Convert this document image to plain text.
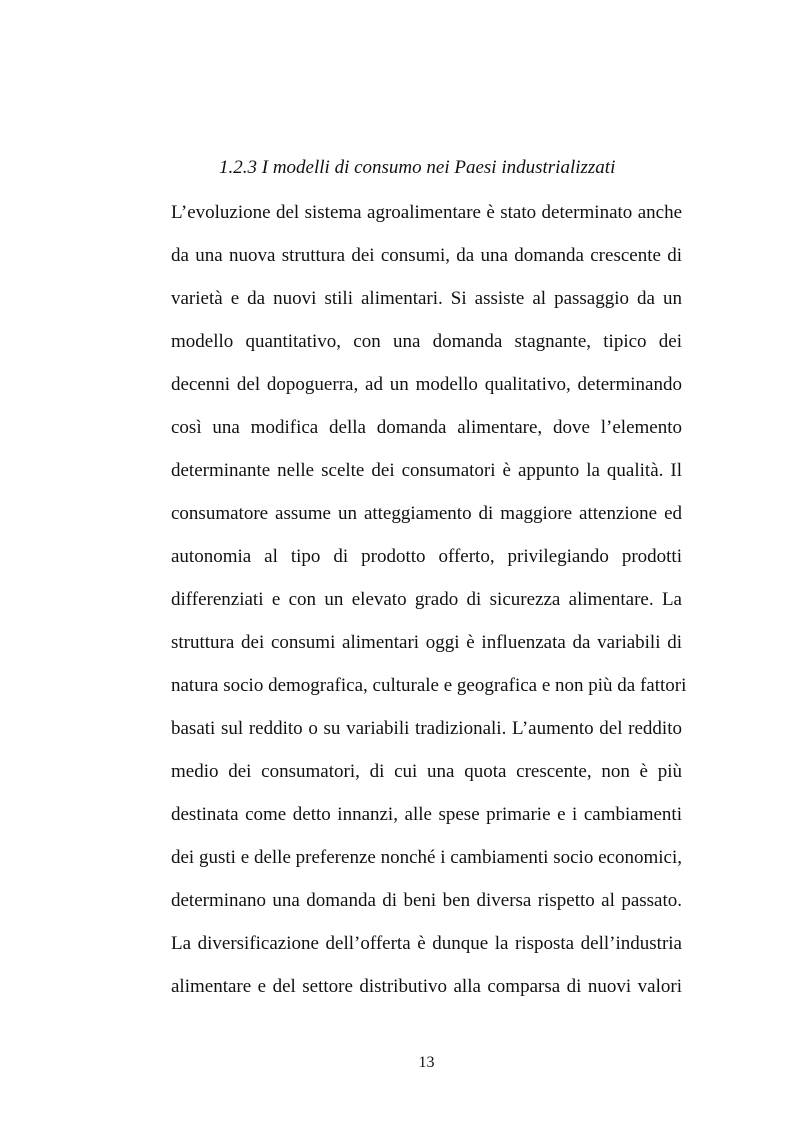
1.2.3 I modelli di consumo nei Paesi industrializzati
L’evoluzione del sistema agroalimentare è stato determinato anche
da una nuova struttura dei consumi, da una domanda crescente di
varietà e da nuovi stili alimentari. Si assiste al passaggio da un
modello quantitativo, con una domanda stagnante, tipico dei
decenni del dopoguerra, ad un modello qualitativo, determinando
così una modifica della domanda alimentare, dove l’elemento
determinante nelle scelte dei consumatori è appunto la qualità. Il
consumatore assume un atteggiamento di maggiore attenzione ed
autonomia al tipo di prodotto offerto, privilegiando prodotti
differenziati e con un elevato grado di sicurezza alimentare. La
struttura dei consumi alimentari oggi è influenzata da variabili di
natura socio demografica, culturale e geografica e non più da fattori
basati sul reddito o su variabili tradizionali. L’aumento del reddito
medio dei consumatori, di cui una quota crescente, non è più
destinata come detto innanzi, alle spese primarie e i cambiamenti
dei gusti e delle preferenze nonché i cambiamenti socio economici,
determinano una domanda di beni ben diversa rispetto al passato.
La diversificazione dell’offerta è dunque la risposta dell’industria
alimentare e del settore distributivo alla comparsa di nuovi valori
13
